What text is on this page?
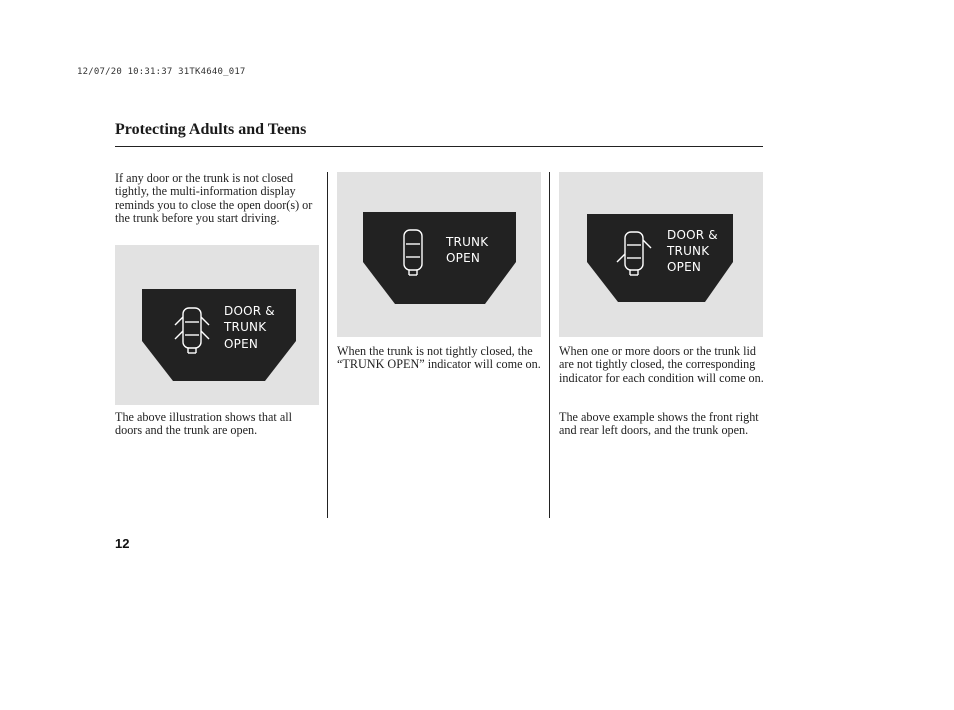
12/07/20 10:31:37 31TK4640_017
Protecting Adults and Teens

If any door or the trunk is not closed tightly, the multi-information display reminds you to close the open door(s) or the trunk before you start driving.

DOOR &
TRUNK
OPEN

The above illustration shows that all doors and the trunk are open.

TRUNK
OPEN

When the trunk is not tightly closed, the “TRUNK OPEN” indicator will come on.

DOOR &
TRUNK
OPEN

When one or more doors or the trunk lid are not tightly closed, the corresponding indicator for each condition will come on.

The above example shows the front right and rear left doors, and the trunk open.

12
